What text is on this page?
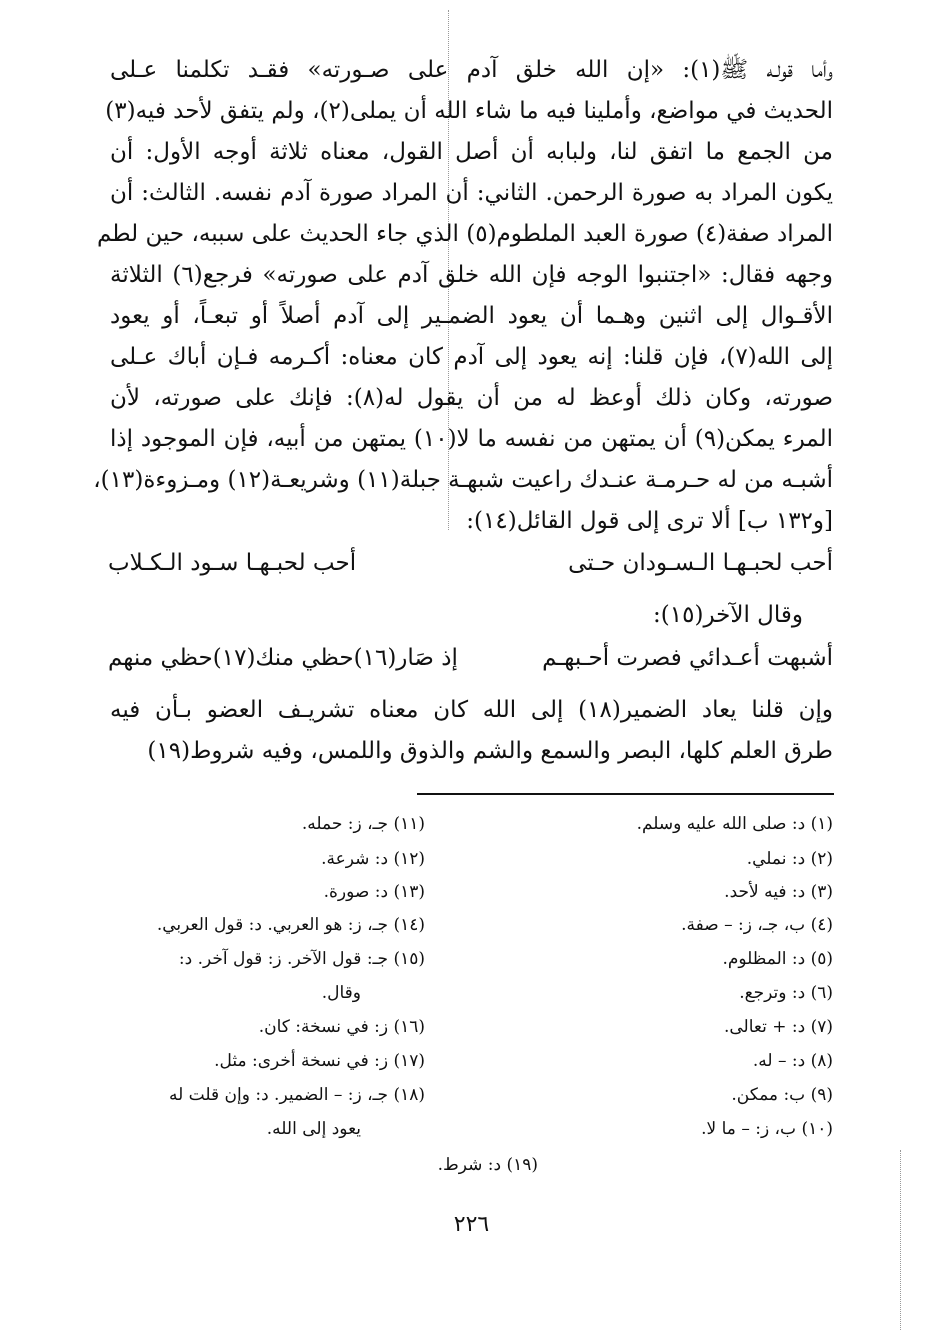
وأما قولـه ﷺ(١): «إن الله خلق آدم على صـورته» فقـد تكلمنا عـلى
الحديث في مواضع، وأملينا فيه ما شاء الله أن يملى(٢)، ولم يتفق لأحد فيه(٣)
من الجمع ما اتفق لنا، ولبابه أن أصل القول، معناه ثلاثة أوجه الأول: أن
يكون المراد به صورة الرحمن. الثاني: أن المراد صورة آدم نفسه. الثالث: أن
المراد صفة(٤) صورة العبد الملطوم(٥) الذي جاء الحديث على سببه، حين لطم
وجهه فقال: «اجتنبوا الوجه فإن الله خلق آدم على صورته» فرجع(٦) الثلاثة
الأقـوال إلى اثنين وهـما أن يعود الضمـير إلى آدم أصلاً أو تبعـاً، أو يعود
إلى الله(٧)، فإن قلنا: إنه يعود إلى آدم كان معناه: أكـرمه فـإن أباك عـلى
صورته، وكان ذلك أوعظ له من أن يقول له(٨): فإنك على صورته، لأن
المرء يمكن(٩) أن يمتهن من نفسه ما لا(١٠) يمتهن من أبيه، فإن الموجود إذا
أشبـه من له حـرمـة عنـدك راعيت شبهـة جبلة(١١) وشريعـة(١٢) ومـزوءة(١٣)،
[و١٣٢ ب] ألا ترى إلى قول القائل(١٤):
أحب لحبـهـا الـسـودان حـتى
أحب لحبـهـا سـود الـكـلاب
وقال الآخر(١٥):
أشبهت أعـدائي فصرت أحـبهـم
إذ صَار(١٦)حظي منك(١٧)حظي منهم
وإن قلنا يعاد الضمير(١٨) إلى الله كان معناه تشريـف العضو بـأن فيه
طرق العلم كلها، البصر والسمع والشم والذوق واللمس، وفيه شروط(١٩)
(١) د: صلى الله عليه وسلم.
(٢) د: نملي.
(٣) د: فيه لأحد.
(٤) ب، جـ، ز: – صفة.
(٥) د: المظلوم.
(٦) د: وترجع.
(٧) د: + تعالى.
(٨) د: – له.
(٩) ب: ممكن.
(١٠) ب، ز: – ما لا.
(١١) جـ، ز: حمله.
(١٢) د: شرعة.
(١٣) د: صورة.
(١٤) جـ، ز: هو العربي. د: قول العربي.
(١٥) جـ: قول الآخر. ز: قول آخر. د:
وقال.
(١٦) ز: في نسخة: كان.
(١٧) ز: في نسخة أخرى: مثل.
(١٨) جـ، ز: – الضمير. د: وإن قلت له
يعود إلى الله.
(١٩) د: شرط.
٢٢٦
